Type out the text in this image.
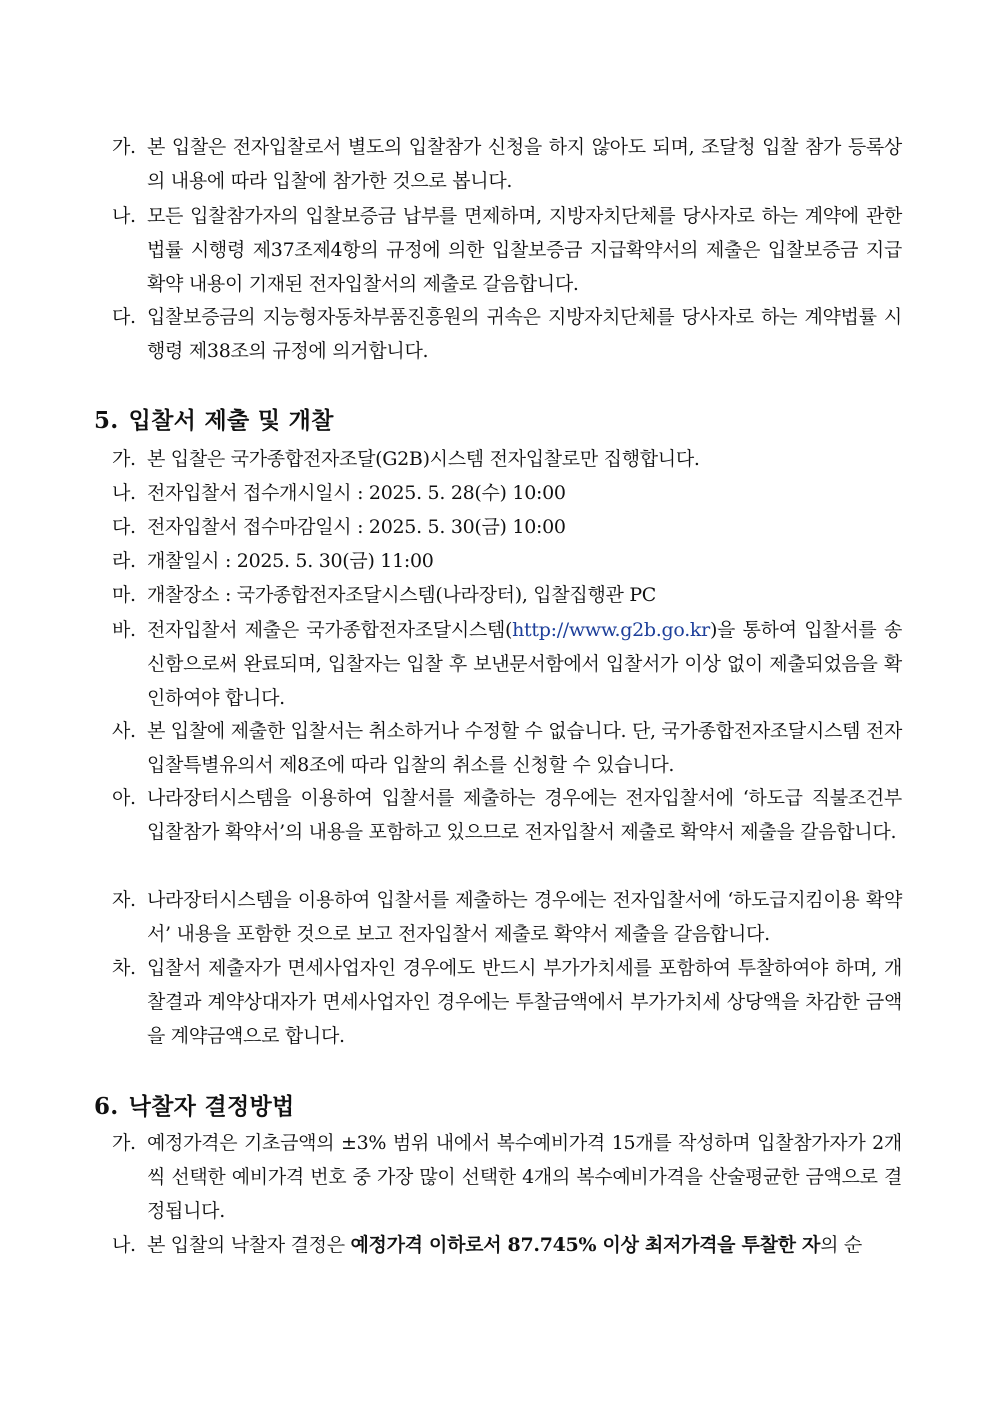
가. 본 입찰은 전자입찰로서 별도의 입찰참가 신청을 하지 않아도 되며, 조달청 입찰 참가 등록상의 내용에 따라 입찰에 참가한 것으로 봅니다.
나. 모든 입찰참가자의 입찰보증금 납부를 면제하며, 지방자치단체를 당사자로 하는 계약에 관한 법률 시행령 제37조제4항의 규정에 의한 입찰보증금 지급확약서의 제출은 입찰보증금 지급 확약 내용이 기재된 전자입찰서의 제출로 갈음합니다.
다. 입찰보증금의 지능형자동차부품진흥원의 귀속은 지방자치단체를 당사자로 하는 계약법률 시행령 제38조의 규정에 의거합니다.
5. 입찰서 제출 및 개찰
가. 본 입찰은 국가종합전자조달(G2B)시스템 전자입찰로만 집행합니다.
나. 전자입찰서 접수개시일시 : 2025. 5. 28(수) 10:00
다. 전자입찰서 접수마감일시 : 2025. 5. 30(금) 10:00
라. 개찰일시 : 2025. 5. 30(금) 11:00
마. 개찰장소 : 국가종합전자조달시스템(나라장터), 입찰집행관 PC
바. 전자입찰서 제출은 국가종합전자조달시스템(http://www.g2b.go.kr)을 통하여 입찰서를 송신함으로써 완료되며, 입찰자는 입찰 후 보낸문서함에서 입찰서가 이상 없이 제출되었음을 확인하여야 합니다.
사. 본 입찰에 제출한 입찰서는 취소하거나 수정할 수 없습니다. 단, 국가종합전자조달시스템 전자입찰특별유의서 제8조에 따라 입찰의 취소를 신청할 수 있습니다.
아. 나라장터시스템을 이용하여 입찰서를 제출하는 경우에는 전자입찰서에 ‘하도급 직불조건부 입찰참가 확약서’의 내용을 포함하고 있으므로 전자입찰서 제출로 확약서 제출을 갈음합니다.
자. 나라장터시스템을 이용하여 입찰서를 제출하는 경우에는 전자입찰서에 ‘하도급지킴이용 확약서’ 내용을 포함한 것으로 보고 전자입찰서 제출로 확약서 제출을 갈음합니다.
차. 입찰서 제출자가 면세사업자인 경우에도 반드시 부가가치세를 포함하여 투찰하여야 하며, 개찰결과 계약상대자가 면세사업자인 경우에는 투찰금액에서 부가가치세 상당액을 차감한 금액을 계약금액으로 합니다.
6. 낙찰자 결정방법
가. 예정가격은 기초금액의 ±3% 범위 내에서 복수예비가격 15개를 작성하며 입찰참가자가 2개씩 선택한 예비가격 번호 중 가장 많이 선택한 4개의 복수예비가격을 산술평균한 금액으로 결정됩니다.
나. 본 입찰의 낙찰자 결정은 예정가격 이하로서 87.745% 이상 최저가격을 투찰한 자의 순
